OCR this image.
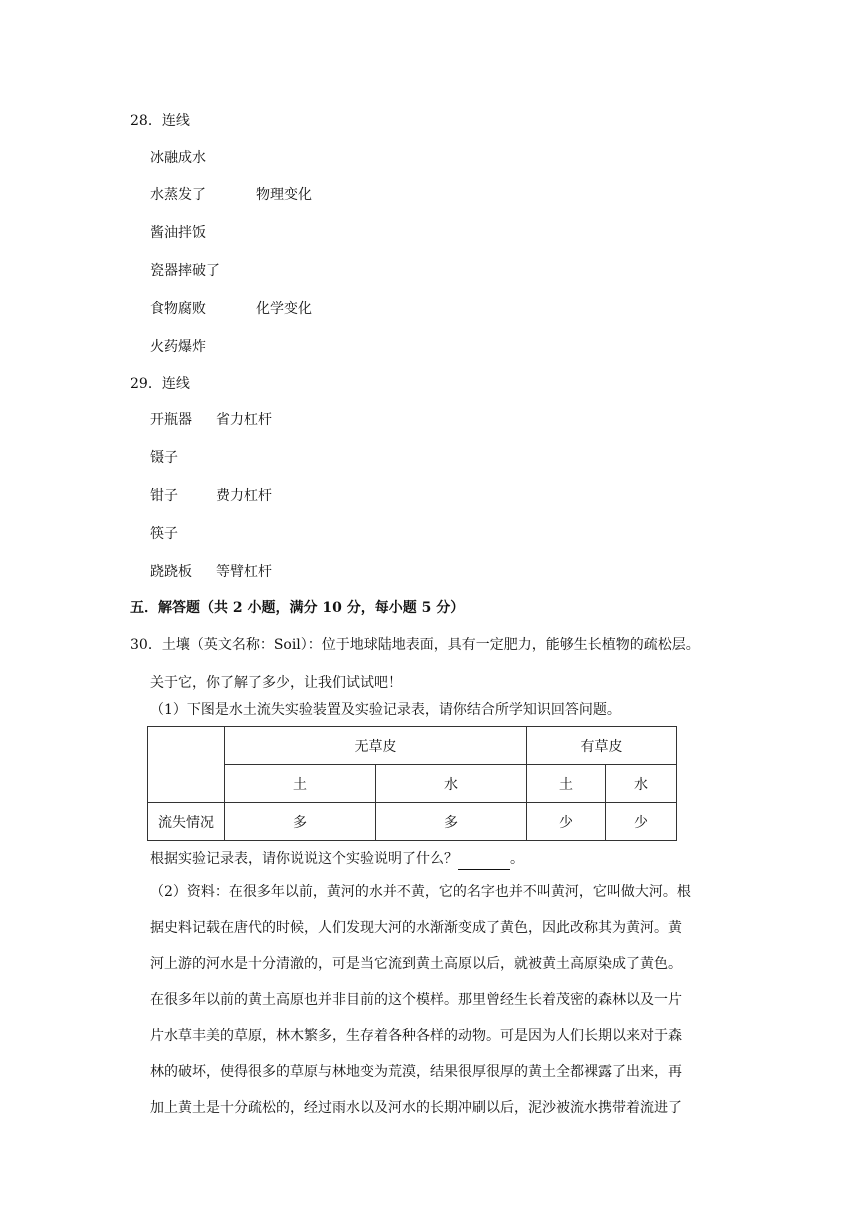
28．连线
冰融成水
水蒸发了	物理变化
酱油拌饭
瓷器摔破了
食物腐败	化学变化
火药爆炸
29．连线
开瓶器 省力杠杆
镊子
钳子	费力杠杆
筷子
跷跷板 等臂杠杆
五．解答题（共 2 小题，满分 10 分，每小题 5 分）
30．土壤（英文名称：Soil）：位于地球陆地表面，具有一定肥力，能够生长植物的疏松层。
关于它，你了解了多少，让我们试试吧！
（1）下图是水土流失实验装置及实验记录表，请你结合所学知识回答问题。
	无草皮		有草皮	
	土	水	土	水
流失情况	多	多	少	少
根据实验记录表，请你说说这个实验说明了什么？	。
（2）资料：在很多年以前，黄河的水并不黄，它的名字也并不叫黄河，它叫做大河。根
据史料记载在唐代的时候，人们发现大河的水渐渐变成了黄色，因此改称其为黄河。黄
河上游的河水是十分清澈的，可是当它流到黄土高原以后，就被黄土高原染成了黄色。
在很多年以前的黄土高原也并非目前的这个模样。那里曾经生长着茂密的森林以及一片
片水草丰美的草原，林木繁多，生存着各种各样的动物。可是因为人们长期以来对于森
林的破坏，使得很多的草原与林地变为荒漠，结果很厚很厚的黄土全都裸露了出来，再
加上黄土是十分疏松的，经过雨水以及河水的长期冲刷以后，泥沙被流水携带着流进了
